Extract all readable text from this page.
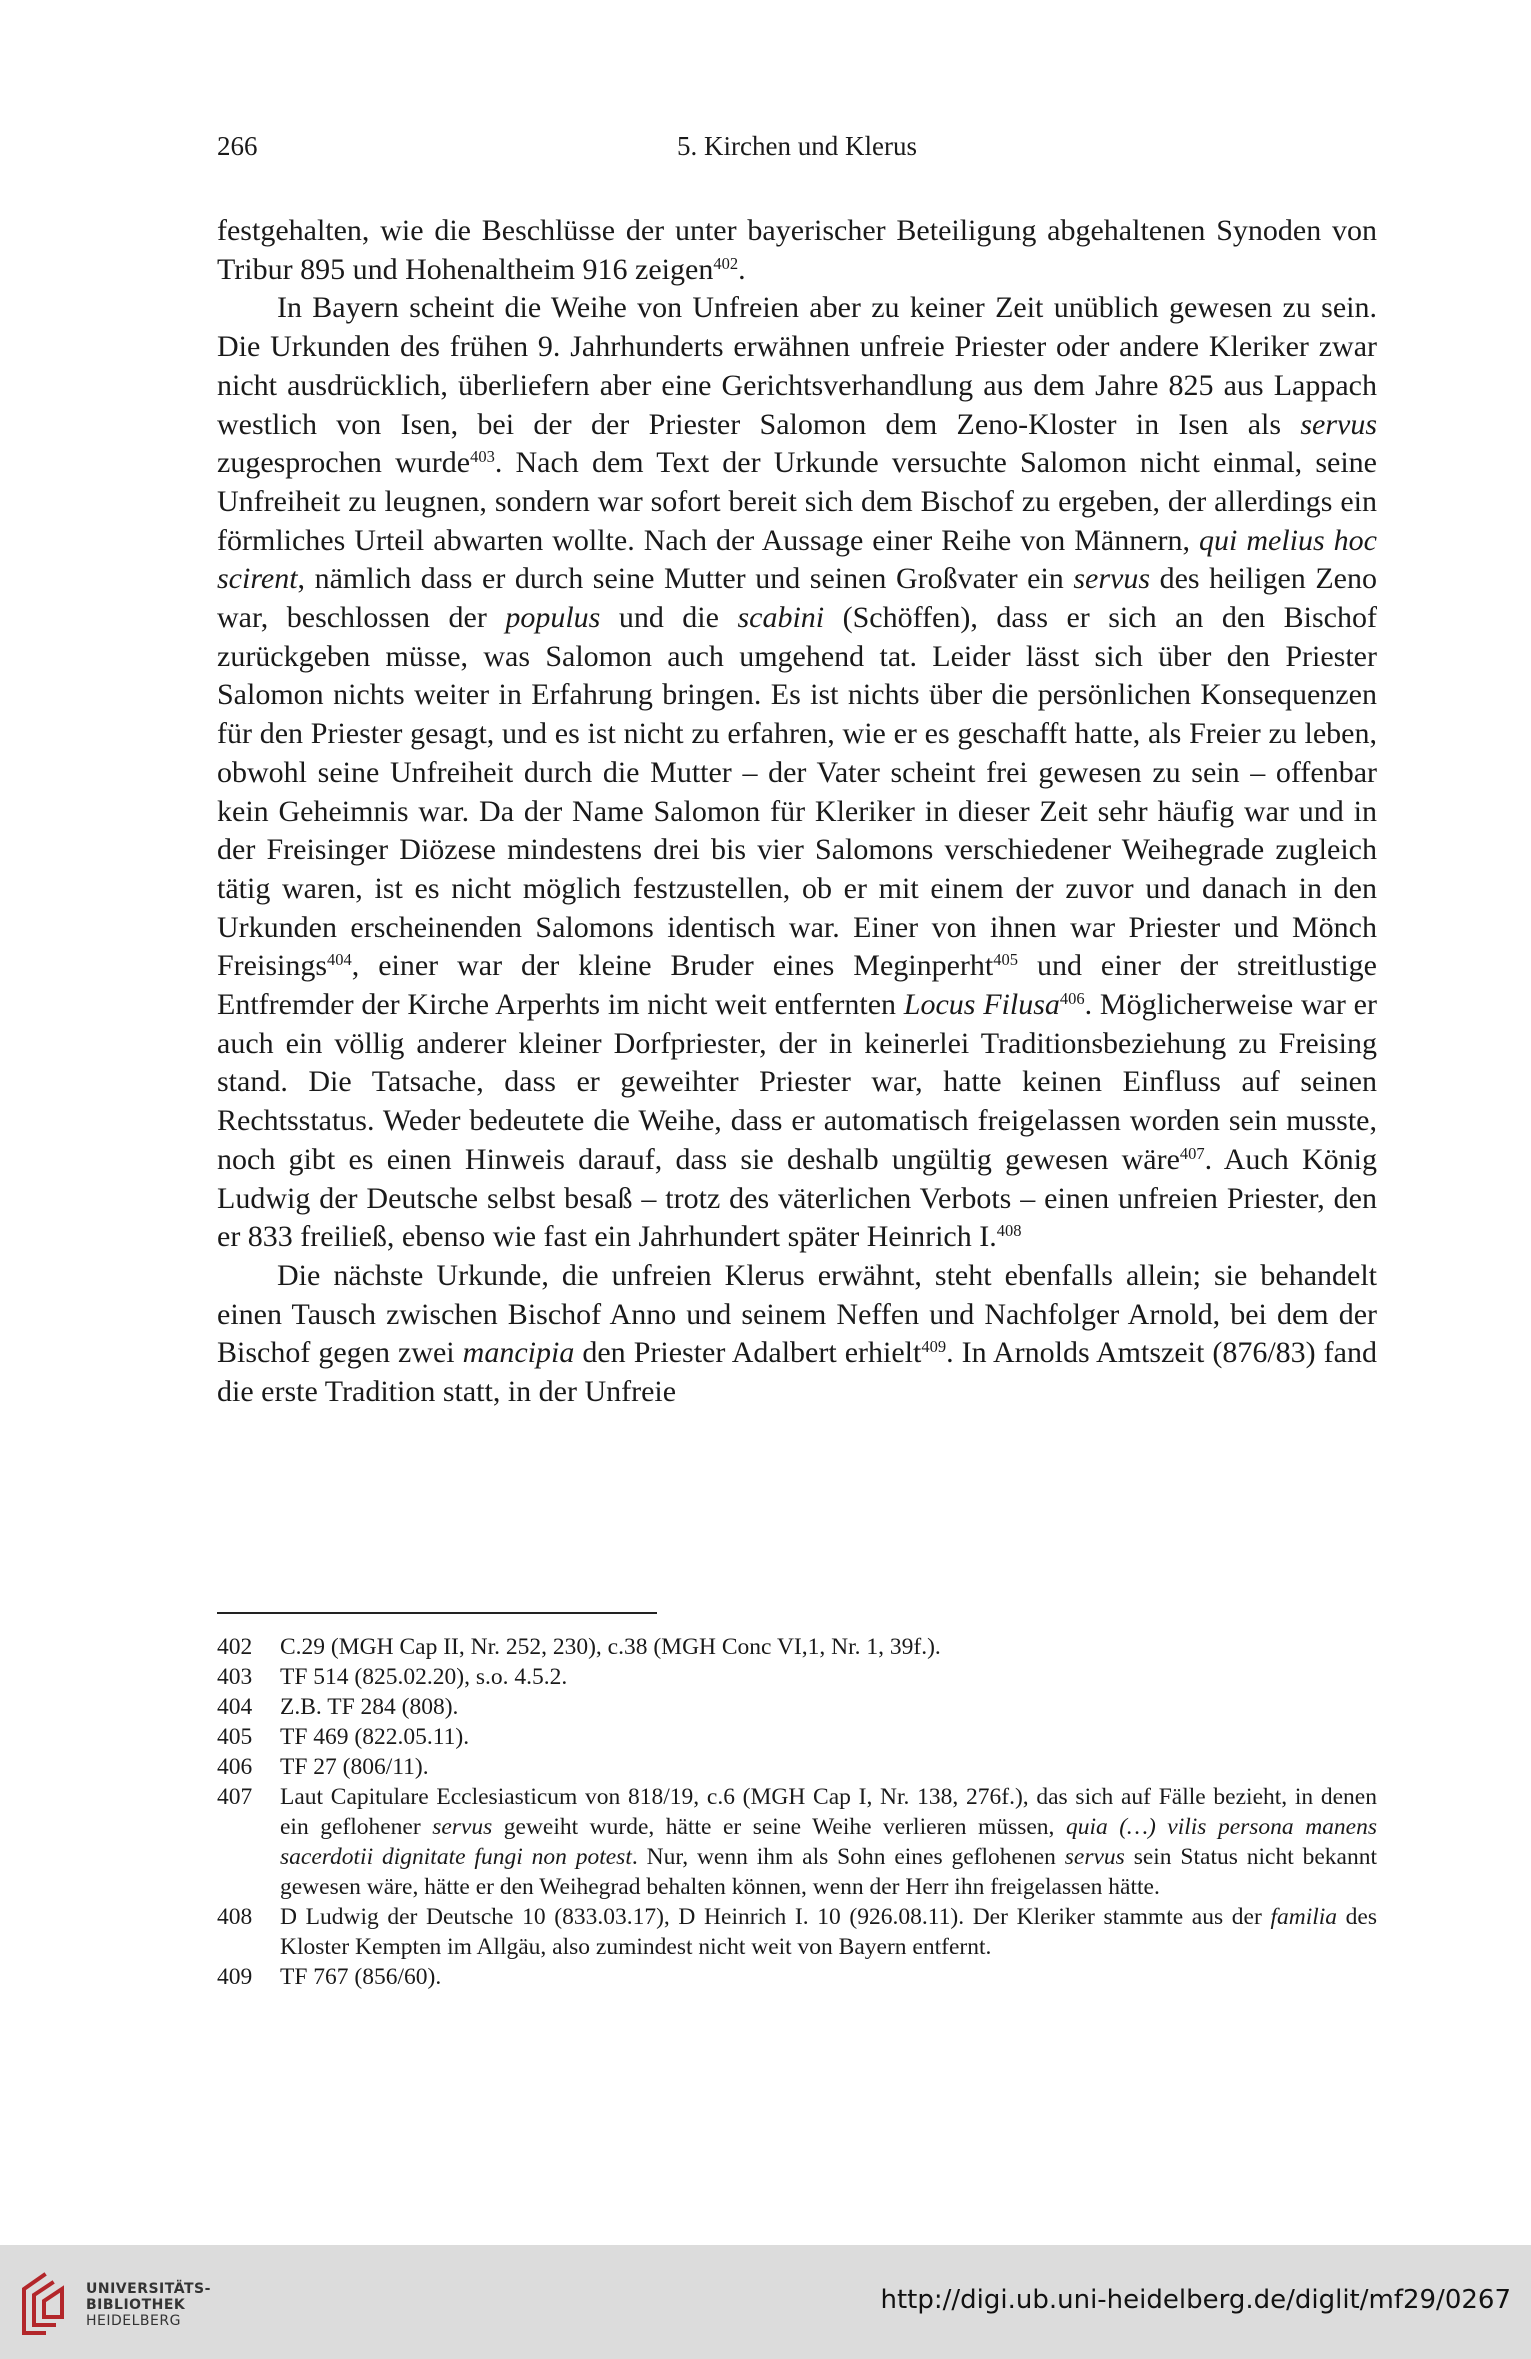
266	5. Kirchen und Klerus

festgehalten, wie die Beschlüsse der unter bayerischer Beteiligung abgehaltenen Synoden von Tribur 895 und Hohenaltheim 916 zeigen$^{402}$.

In Bayern scheint die Weihe von Unfreien aber zu keiner Zeit unüblich gewesen zu sein. Die Urkunden des frühen 9. Jahrhunderts erwähnen unfreie Priester oder andere Kleriker zwar nicht ausdrücklich, überliefern aber eine Gerichtsverhandlung aus dem Jahre 825 aus Lappach westlich von Isen, bei der der Priester Salomon dem Zeno-Kloster in Isen als servus zugesprochen wurde$^{403}$. Nach dem Text der Urkunde versuchte Salomon nicht einmal, seine Unfreiheit zu leugnen, sondern war sofort bereit sich dem Bischof zu ergeben, der allerdings ein förmliches Urteil abwarten wollte. Nach der Aussage einer Reihe von Männern, qui melius hoc scirent, nämlich dass er durch seine Mutter und seinen Großvater ein servus des heiligen Zeno war, beschlossen der populus und die scabini (Schöffen), dass er sich an den Bischof zurückgeben müsse, was Salomon auch umgehend tat. Leider lässt sich über den Priester Salomon nichts weiter in Erfahrung bringen. Es ist nichts über die persönlichen Konsequenzen für den Priester gesagt, und es ist nicht zu erfahren, wie er es geschafft hatte, als Freier zu leben, obwohl seine Unfreiheit durch die Mutter – der Vater scheint frei gewesen zu sein – offenbar kein Geheimnis war. Da der Name Salomon für Kleriker in dieser Zeit sehr häufig war und in der Freisinger Diözese mindestens drei bis vier Salomons verschiedener Weihegrade zugleich tätig waren, ist es nicht möglich festzustellen, ob er mit einem der zuvor und danach in den Urkunden erscheinenden Salomons identisch war. Einer von ihnen war Priester und Mönch Freisings$^{404}$, einer war der kleine Bruder eines Meginperht$^{405}$ und einer der streitlustige Entfremder der Kirche Arperhts im nicht weit entfernten Locus Filusa$^{406}$. Möglicherweise war er auch ein völlig anderer kleiner Dorfpriester, der in keinerlei Traditionsbeziehung zu Freising stand. Die Tatsache, dass er geweihter Priester war, hatte keinen Einfluss auf seinen Rechtsstatus. Weder bedeutete die Weihe, dass er automatisch freigelassen worden sein musste, noch gibt es einen Hinweis darauf, dass sie deshalb ungültig gewesen wäre$^{407}$. Auch König Ludwig der Deutsche selbst besaß – trotz des väterlichen Verbots – einen unfreien Priester, den er 833 freiließ, ebenso wie fast ein Jahrhundert später Heinrich I.$^{408}$

Die nächste Urkunde, die unfreien Klerus erwähnt, steht ebenfalls allein; sie behandelt einen Tausch zwischen Bischof Anno und seinem Neffen und Nachfolger Arnold, bei dem der Bischof gegen zwei mancipia den Priester Adalbert erhielt$^{409}$. In Arnolds Amtszeit (876/83) fand die erste Tradition statt, in der Unfreie

402 C.29 (MGH Cap II, Nr. 252, 230), c.38 (MGH Conc VI,1, Nr. 1, 39f.).
403 TF 514 (825.02.20), s.o. 4.5.2.
404 Z.B. TF 284 (808).
405 TF 469 (822.05.11).
406 TF 27 (806/11).
407 Laut Capitulare Ecclesiasticum von 818/19, c.6 (MGH Cap I, Nr. 138, 276f.), das sich auf Fälle bezieht, in denen ein geflohener servus geweiht wurde, hätte er seine Weihe verlieren müssen, quia (…) vilis persona manens sacerdotii dignitate fungi non potest. Nur, wenn ihm als Sohn eines geflohenen servus sein Status nicht bekannt gewesen wäre, hätte er den Weihegrad behalten können, wenn der Herr ihn freigelassen hätte.
408 D Ludwig der Deutsche 10 (833.03.17), D Heinrich I. 10 (926.08.11). Der Kleriker stammte aus der familia des Kloster Kempten im Allgäu, also zumindest nicht weit von Bayern entfernt.
409 TF 767 (856/60).
UNIVERSITÄTS-
BIBLIOTHEK
HEIDELBERG
http://digi.ub.uni-heidelberg.de/diglit/mf29/0267
